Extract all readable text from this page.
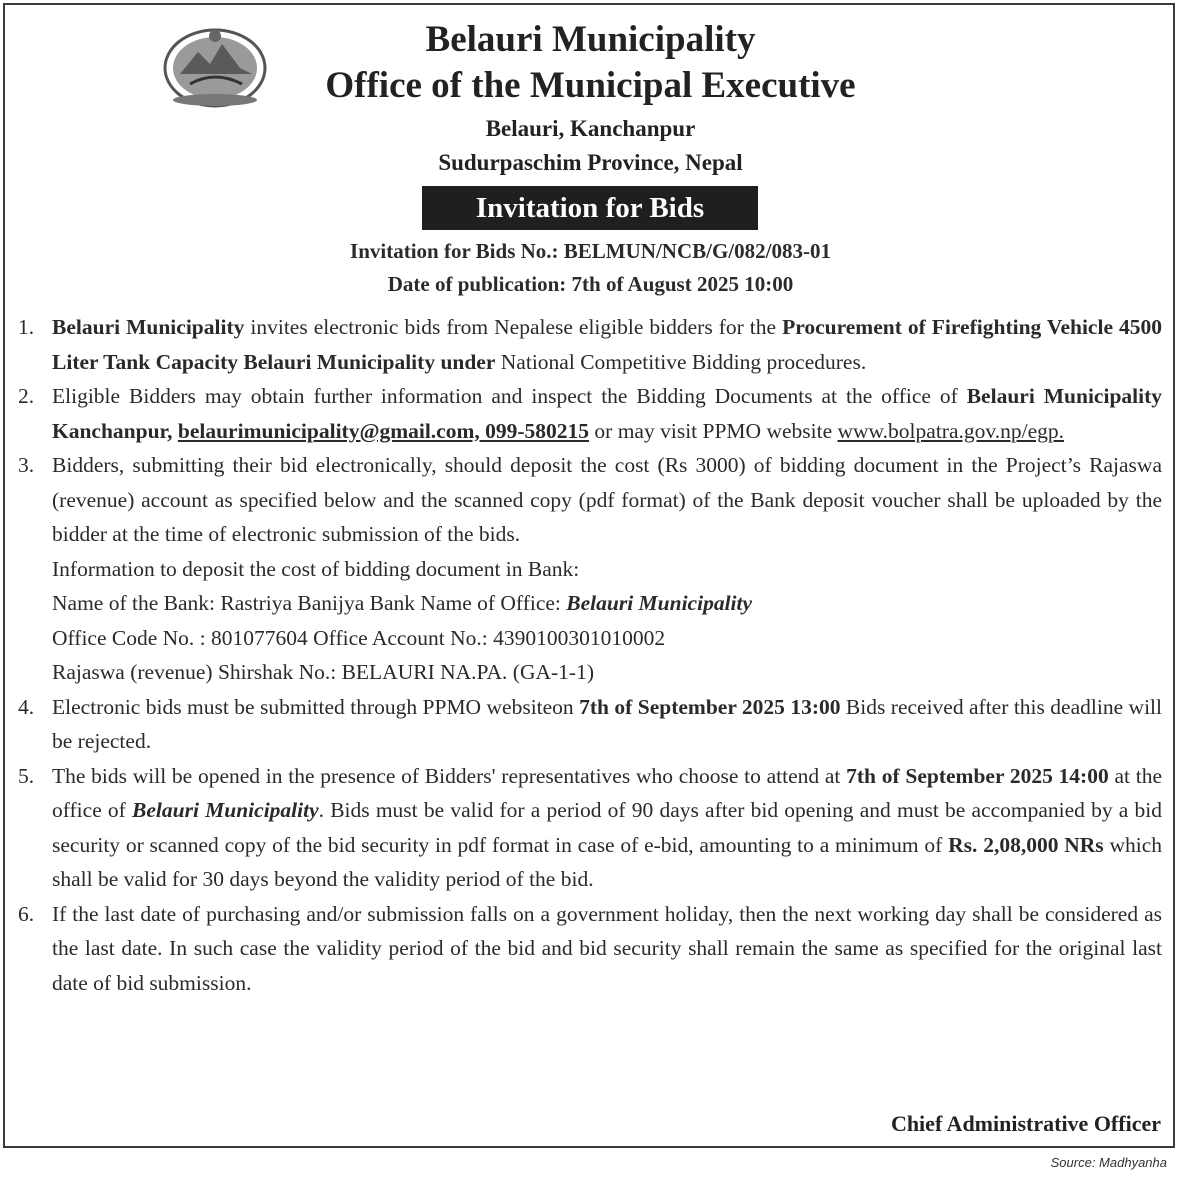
Belauri Municipality
Office of the Municipal Executive
Belauri, Kanchanpur
Sudurpaschim Province, Nepal
Invitation for Bids
Invitation for Bids No.: BELMUN/NCB/G/082/083-01
Date of publication: 7th of August 2025 10:00
1. Belauri Municipality invites electronic bids from Nepalese eligible bidders for the Procurement of Firefighting Vehicle 4500 Liter Tank Capacity Belauri Municipality under National Competitive Bidding procedures.
2. Eligible Bidders may obtain further information and inspect the Bidding Documents at the office of Belauri Municipality Kanchanpur, belaurimunicipality@gmail.com, 099-580215 or may visit PPMO website www.bolpatra.gov.np/egp.
3. Bidders, submitting their bid electronically, should deposit the cost (Rs 3000) of bidding document in the Project’s Rajaswa (revenue) account as specified below and the scanned copy (pdf format) of the Bank deposit voucher shall be uploaded by the bidder at the time of electronic submission of the bids.
Information to deposit the cost of bidding document in Bank:
Name of the Bank: Rastriya Banijya Bank Name of Office: Belauri Municipality
Office Code No. : 801077604 Office Account No.: 4390100301010002
Rajaswa (revenue) Shirshak No.: BELAURI NA.PA. (GA-1-1)
4. Electronic bids must be submitted through PPMO websiteon 7th of September 2025 13:00 Bids received after this deadline will be rejected.
5. The bids will be opened in the presence of Bidders' representatives who choose to attend at 7th of September 2025 14:00 at the office of Belauri Municipality. Bids must be valid for a period of 90 days after bid opening and must be accompanied by a bid security or scanned copy of the bid security in pdf format in case of e-bid, amounting to a minimum of Rs. 2,08,000 NRs which shall be valid for 30 days beyond the validity period of the bid.
6. If the last date of purchasing and/or submission falls on a government holiday, then the next working day shall be considered as the last date. In such case the validity period of the bid and bid security shall remain the same as specified for the original last date of bid submission.
Chief Administrative Officer
Source: Madhyanha
